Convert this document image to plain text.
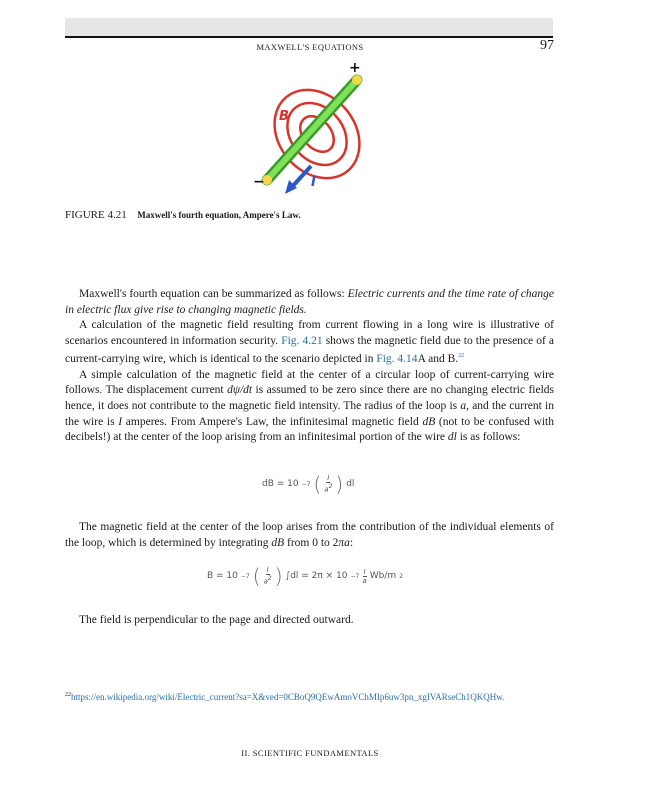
MAXWELL'S EQUATIONS	97
+
−
B
I
FIGURE 4.21 Maxwell's fourth equation, Ampere's Law.

Maxwell's fourth equation can be summarized as follows: Electric currents and the time rate of change in electric flux give rise to changing magnetic fields.

A calculation of the magnetic field resulting from current flowing in a long wire is illustrative of scenarios encountered in information security. Fig. 4.21 shows the magnetic field due to the presence of a current-carrying wire, which is identical to the scenario depicted in Fig. 4.14A and B.$^{22}$

A simple calculation of the magnetic field at the center of a circular loop of current-carrying wire follows. The displacement current dψ/dt is assumed to be zero since there are no changing electric fields hence, it does not contribute to the magnetic field intensity. The radius of the loop is a, and the current in the wire is I amperes. From Ampere's Law, the infinitesimal magnetic field dB (not to be confused with decibels!) at the center of the loop arising from an infinitesimal portion of the wire dl is as follows:

dB = 10 −7 ( $\frac{I}{a2}$ ) dl

The magnetic field at the center of the loop arises from the contribution of the individual elements of the loop, which is determined by integrating dB from 0 to 2πa:

B = 10 −7 ( $\frac{I}{a2}$ ) $\int dl = 2\pi \times 10 -7 \frac{I}{a} Wb/m$ 2
The field is perpendicular to the page and directed outward.
$^{22}$https://en.wikipedia.org/wiki/Electric_current?sa=X&ved=0CBoQ9QEwAmoVChMIp6uw3pn_xgIVARseCh1QKQHw.
II. SCIENTIFIC FUNDAMENTALS
